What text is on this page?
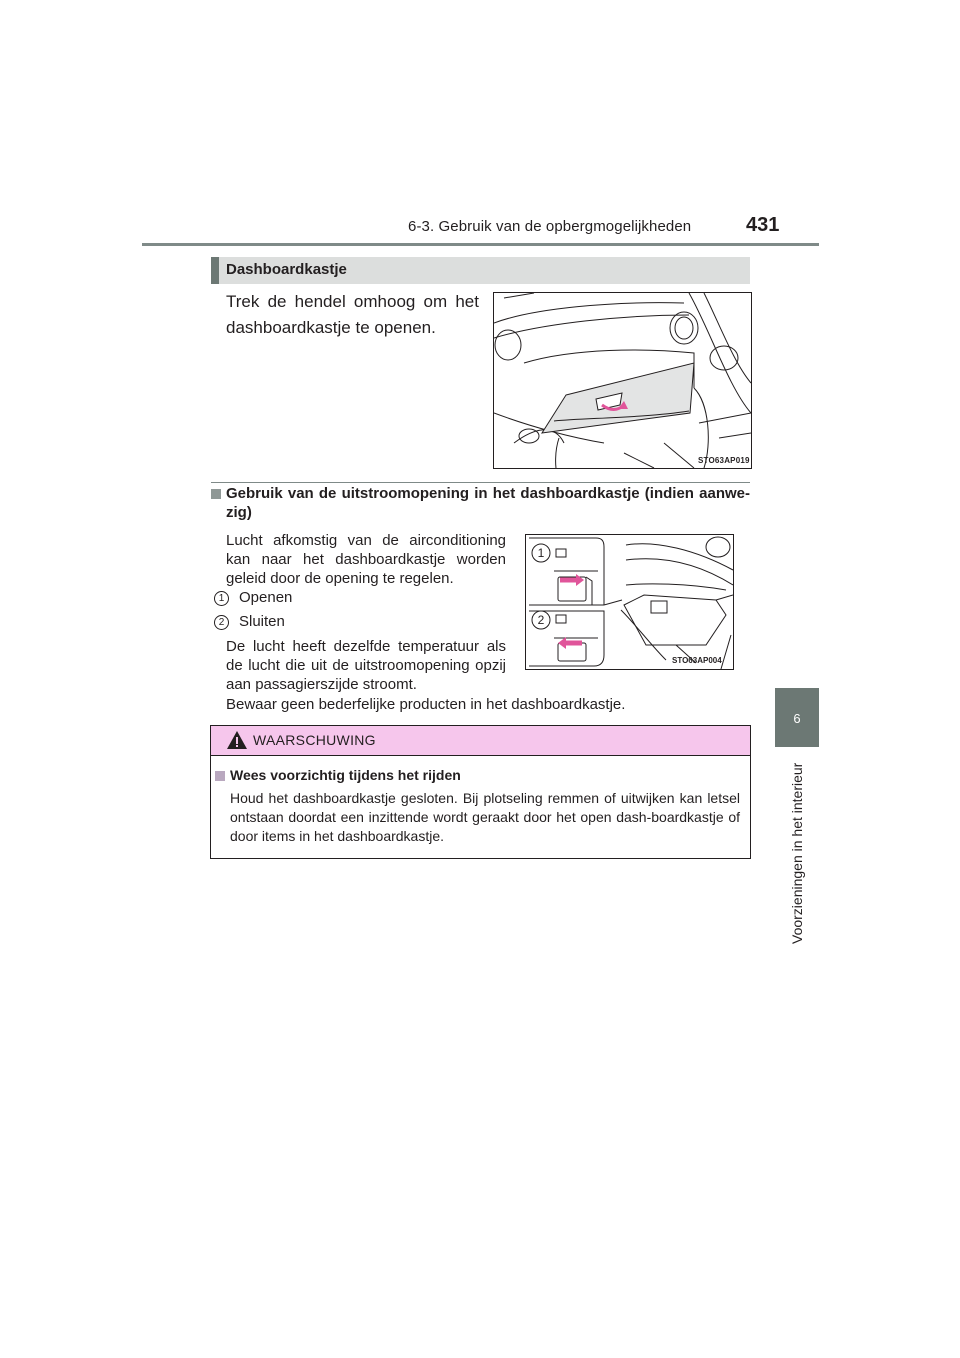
6-3. Gebruik van de opbergmogelijkheden	431
6
Voorzieningen in het interieur
Dashboardkastje
Trek de hendel omhoog om het dashboardkastje te openen.
STO63AP019
Gebruik van de uitstroomopening in het dashboardkastje (indien aanwe-zig)
Lucht afkomstig van de airconditioning kan naar het dashboardkastje worden geleid door de opening te regelen.
1 Openen
2 Sluiten
De lucht heeft dezelfde temperatuur als de lucht die uit de uitstroomopening opzij aan passagierszijde stroomt.
1
2
STO63AP004
Bewaar geen bederfelijke producten in het dashboardkastje.
WAARSCHUWING
Wees voorzichtig tijdens het rijden
Houd het dashboardkastje gesloten. Bij plotseling remmen of uitwijken kan letsel ontstaan doordat een inzittende wordt geraakt door het open dash-boardkastje of door items in het dashboardkastje.
